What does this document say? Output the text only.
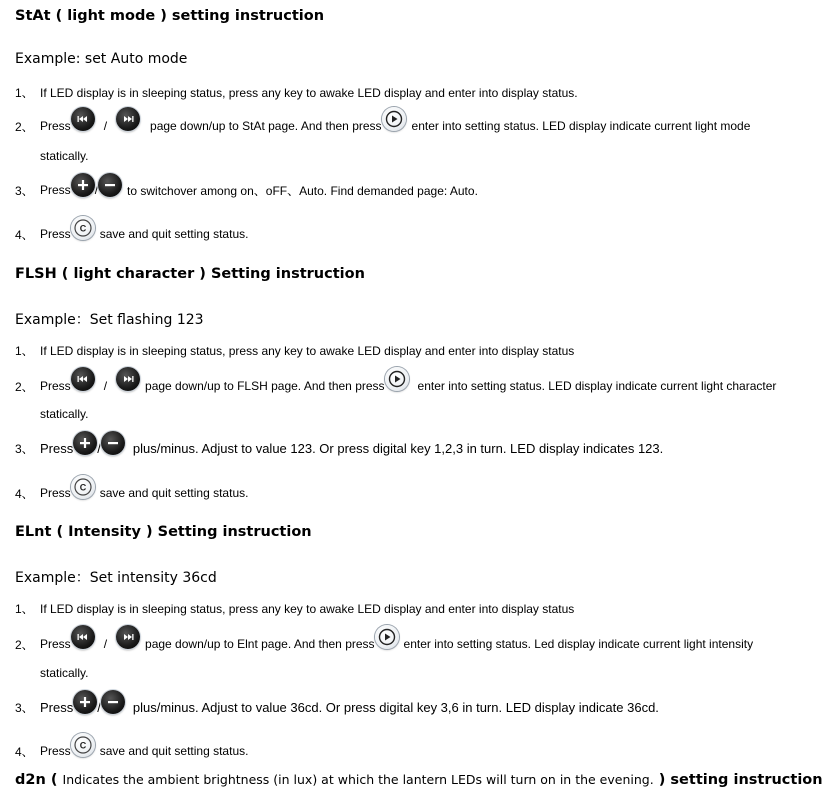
StAt ( light mode ) setting instruction
Example: set Auto mode
1、 If LED display is in sleeping status, press any key to awake LED display and enter into display status.
2、 Press	/	page down/up to StAt page. And then press	enter into setting status. LED display indicate current light mode
statically.
3、 Press / to switchover among on、oFF、Auto. Find demanded page: Auto.
4、 Press C save and quit setting status.
FLSH ( light character ) Setting instruction
Example：Set flashing 123
1、 If LED display is in sleeping status, press any key to awake LED display and enter into display status
2、 Press	/	page down/up to FLSH page. And then press	enter into setting status. LED display indicate current light character
statically.
3、 Press / plus/minus. Adjust to value 123. Or press digital key 1,2,3 in turn. LED display indicates 123.
4、 Press C save and quit setting status.
ELnt ( Intensity ) Setting instruction
Example：Set intensity 36cd
1、 If LED display is in sleeping status, press any key to awake LED display and enter into display status
2、 Press	/	page down/up to Elnt page. And then press enter into setting status. Led display indicate current light intensity
statically.
3、 Press / plus/minus. Adjust to value 36cd. Or press digital key 3,6 in turn. LED display indicate 36cd.
4、 Press C save and quit setting status.
d2n ( Indicates the ambient brightness (in lux) at which the lantern LEDs will turn on in the evening. ) setting instruction
